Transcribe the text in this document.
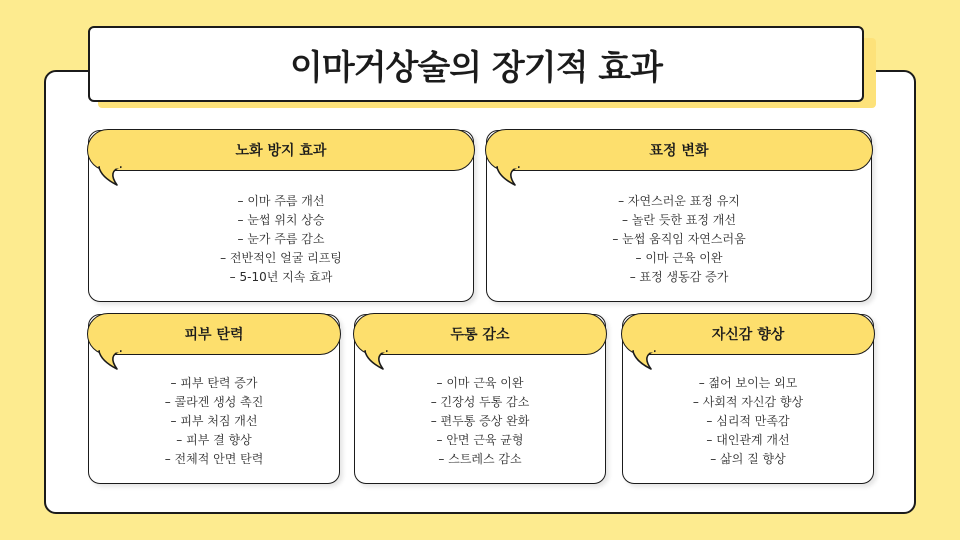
이마거상술의 장기적 효과
노화 방지 효과
– 이마 주름 개선
– 눈썹 위치 상승
– 눈가 주름 감소
– 전반적인 얼굴 리프팅
– 5-10년 지속 효과
표정 변화
– 자연스러운 표정 유지
– 놀란 듯한 표정 개선
– 눈썹 움직임 자연스러움
– 이마 근육 이완
– 표정 생동감 증가
피부 탄력
– 피부 탄력 증가
– 콜라겐 생성 촉진
– 피부 처짐 개선
– 피부 결 향상
– 전체적 안면 탄력
두통 감소
– 이마 근육 이완
– 긴장성 두통 감소
– 편두통 증상 완화
– 안면 근육 균형
– 스트레스 감소
자신감 향상
– 젊어 보이는 외모
– 사회적 자신감 향상
– 심리적 만족감
– 대인관계 개선
– 삶의 질 향상
